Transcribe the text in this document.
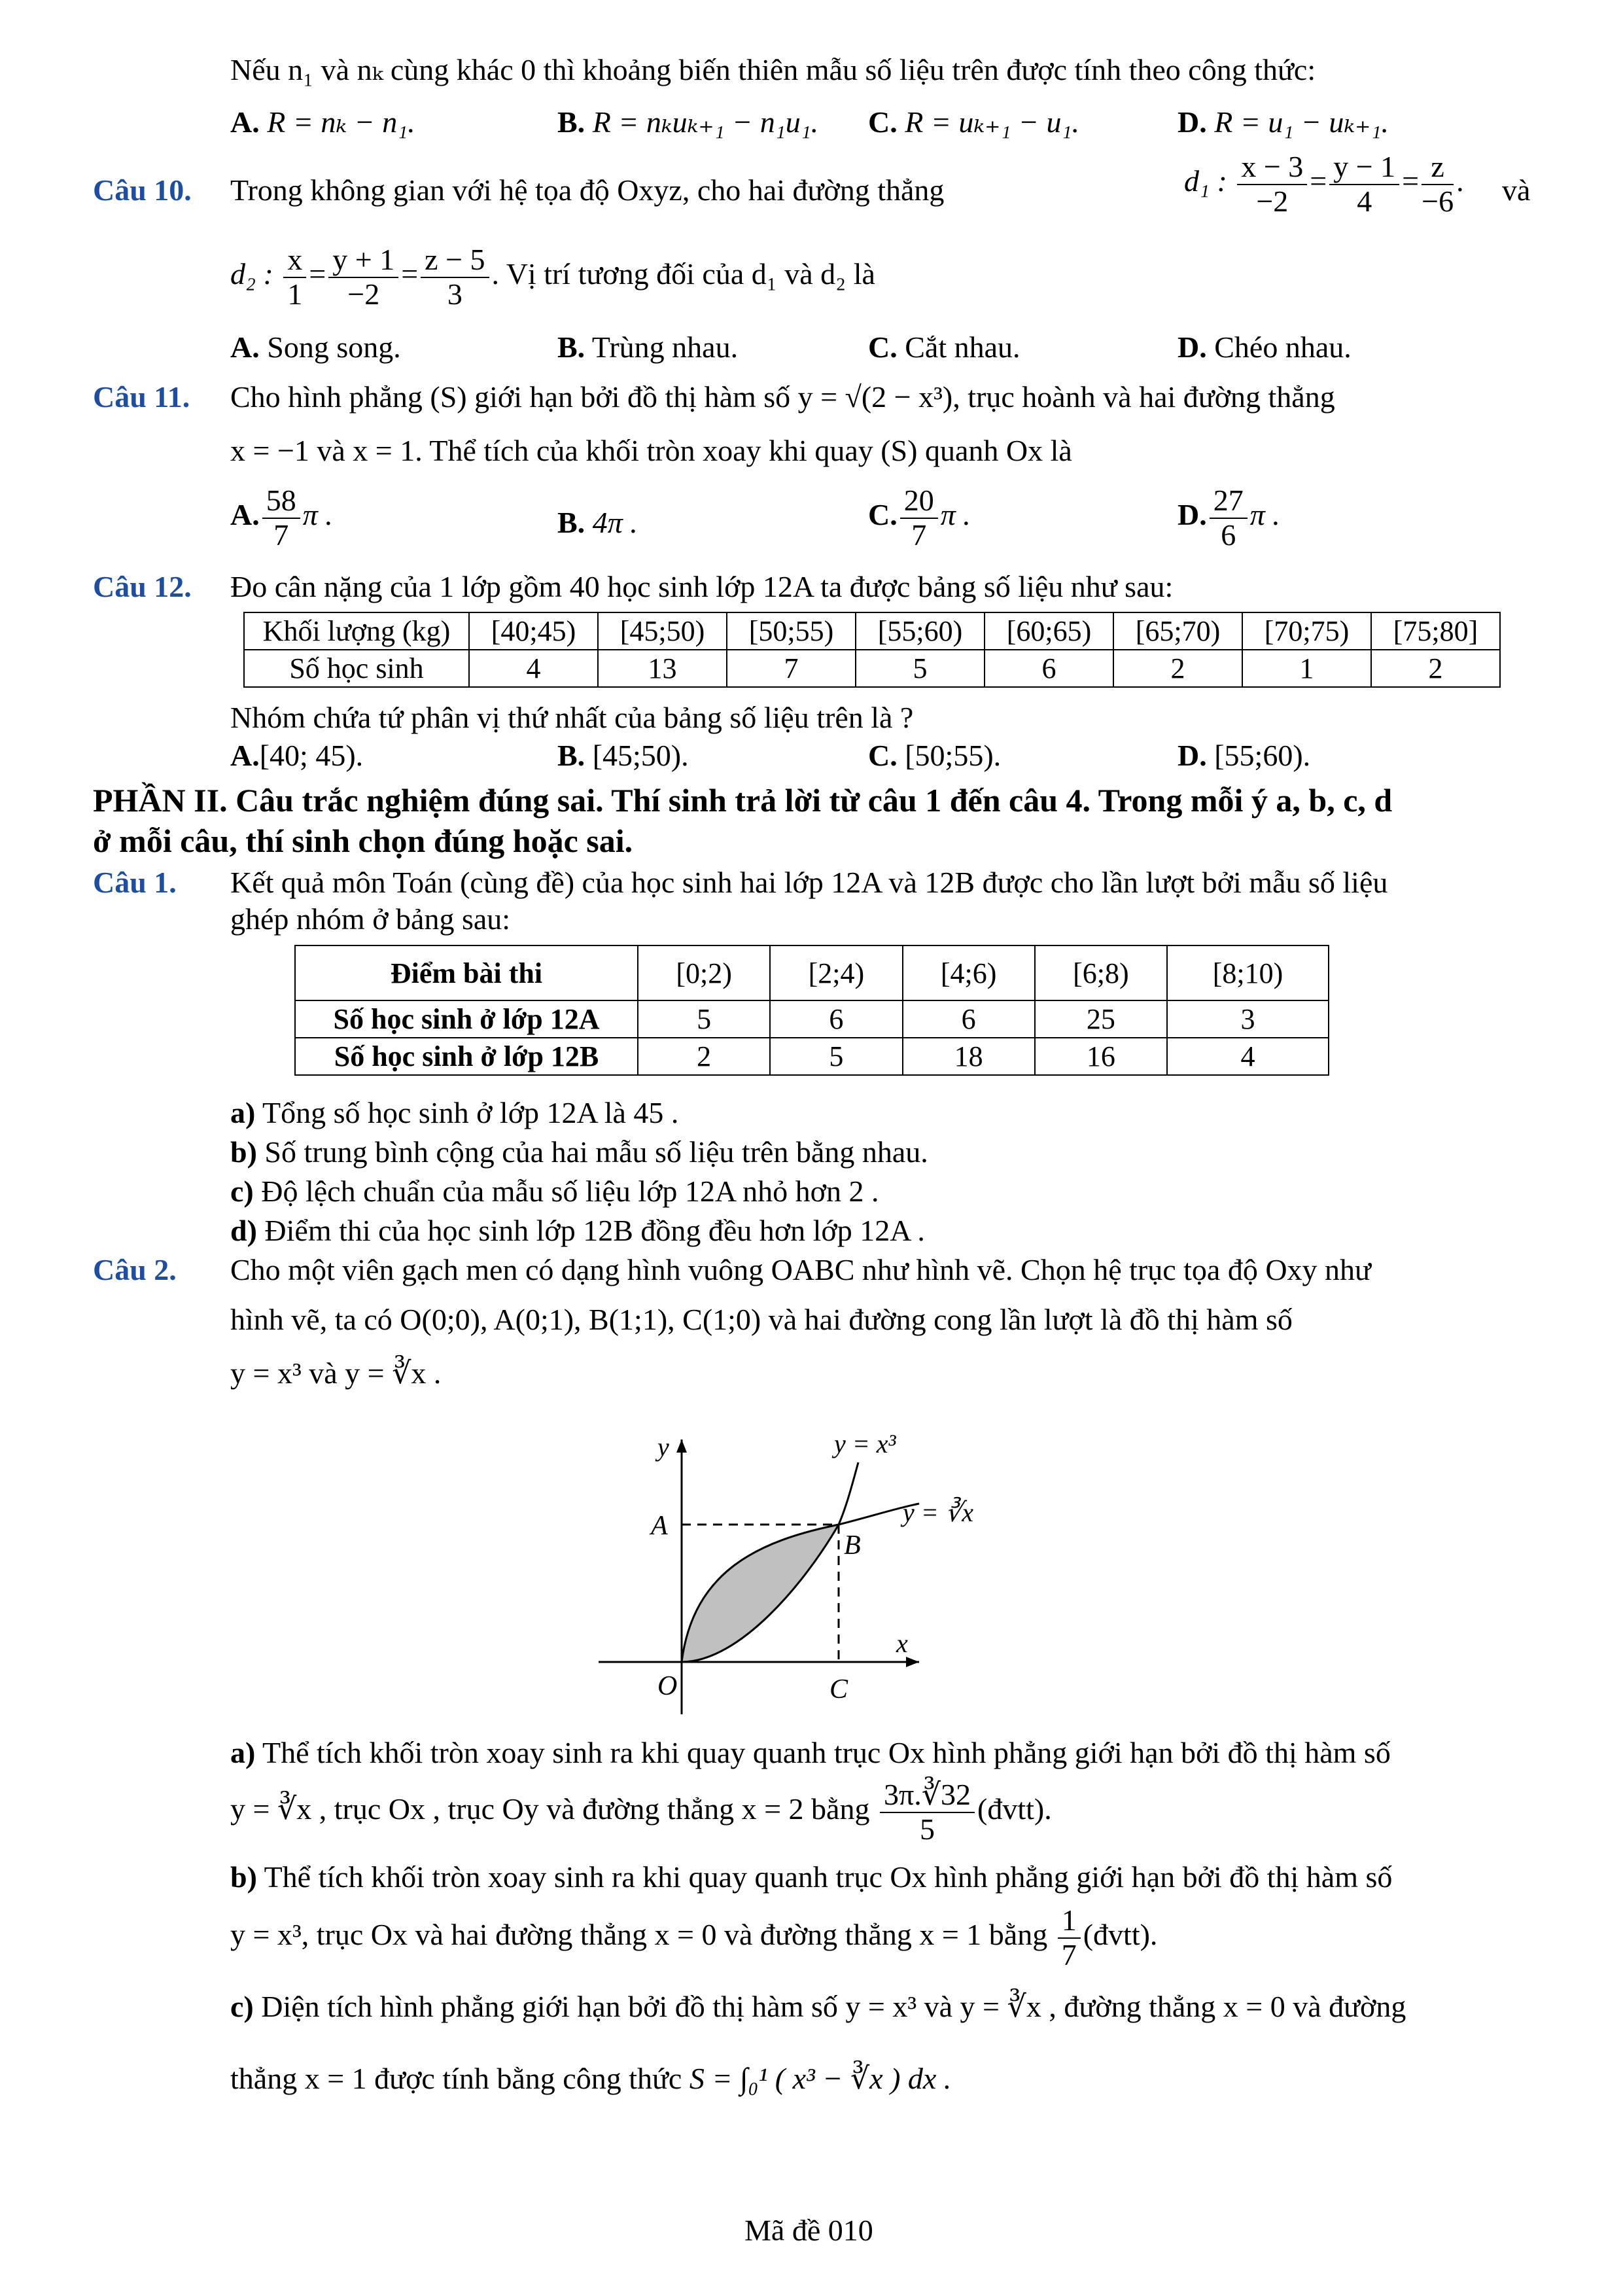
Nếu n₁ và nₖ cùng khác 0 thì khoảng biến thiên mẫu số liệu trên được tính theo công thức:
A. R = nₖ − n₁.	B. R = nₖuₖ₊₁ − n₁u₁. C. R = uₖ₊₁ − u₁.	D. R = u₁ − uₖ₊₁.
Câu 10. Trong không gian với hệ tọa độ Oxyz, cho hai đường thẳng	d₁ : $\frac{x - 3}{-2} = \frac{y - 1}{4} = \frac{z}{-6}$ . và
d₂ : $\frac{x}{1} = \frac{y + 1}{-2} = \frac{z - 5}{3}$ . Vị trí tương đối của d₁ và d₂ là
A. Song song.	B. Trùng nhau.	C. Cắt nhau.	D. Chéo nhau.
Câu 11. Cho hình phẳng (S) giới hạn bởi đồ thị hàm số y = √(2 − x³), trục hoành và hai đường thẳng
x = −1 và x = 1. Thể tích của khối tròn xoay khi quay (S) quanh Ox là
A. $\frac{58}{7}$ π .	B. 4π .	C. $\frac{20}{7}$ π .	D. $\frac{27}{6}$ π .
Câu 12. Đo cân nặng của 1 lớp gồm 40 học sinh lớp 12A ta được bảng số liệu như sau:
Khối lượng (kg)	[40;45)	[45;50)	[50;55)	[55;60)	[60;65)	[65;70)	[70;75)	[75;80]
Số học sinh	4	13	7	5	6	2	1	2
Nhóm chứa tứ phân vị thứ nhất của bảng số liệu trên là ?
A.[40; 45).	B. [45;50).	C. [50;55).	D. [55;60).
PHẦN II. Câu trắc nghiệm đúng sai. Thí sinh trả lời từ câu 1 đến câu 4. Trong mỗi ý a, b, c, d
ở mỗi câu, thí sinh chọn đúng hoặc sai.
Câu 1. Kết quả môn Toán (cùng đề) của học sinh hai lớp 12A và 12B được cho lần lượt bởi mẫu số liệu
ghép nhóm ở bảng sau:
Điểm bài thi	[0;2)	[2;4)	[4;6)	[6;8)	[8;10)
Số học sinh ở lớp 12A	5	6	6	25	3
Số học sinh ở lớp 12B	2	5	18	16	4
a) Tổng số học sinh ở lớp 12A là 45 .
b) Số trung bình cộng của hai mẫu số liệu trên bằng nhau.
c) Độ lệch chuẩn của mẫu số liệu lớp 12A nhỏ hơn 2 .
d) Điểm thi của học sinh lớp 12B đồng đều hơn lớp 12A .
Câu 2. Cho một viên gạch men có dạng hình vuông OABC như hình vẽ. Chọn hệ trục tọa độ Oxy như
hình vẽ, ta có O(0;0), A(0;1), B(1;1), C(1;0) và hai đường cong lần lượt là đồ thị hàm số
y = x³ và y = ∛x .
y = x³
y = ∛x
y
x
O
A
B
C
a) Thể tích khối tròn xoay sinh ra khi quay quanh trục Ox hình phẳng giới hạn bởi đồ thị hàm số
y = ∛x , trục Ox , trục Oy và đường thẳng x = 2 bằng $\frac{3\pi.∛32}{5}$ (đvtt).
b) Thể tích khối tròn xoay sinh ra khi quay quanh trục Ox hình phẳng giới hạn bởi đồ thị hàm số
y = x³, trục Ox và hai đường thẳng x = 0 và đường thẳng x = 1 bằng $\frac{1}{7}$ (đvtt).
c) Diện tích hình phẳng giới hạn bởi đồ thị hàm số y = x³ và y = ∛x , đường thẳng x = 0 và đường
thẳng x = 1 được tính bằng công thức S = ∫₀¹ ( x³ − ∛x ) dx .
Mã đề 010
